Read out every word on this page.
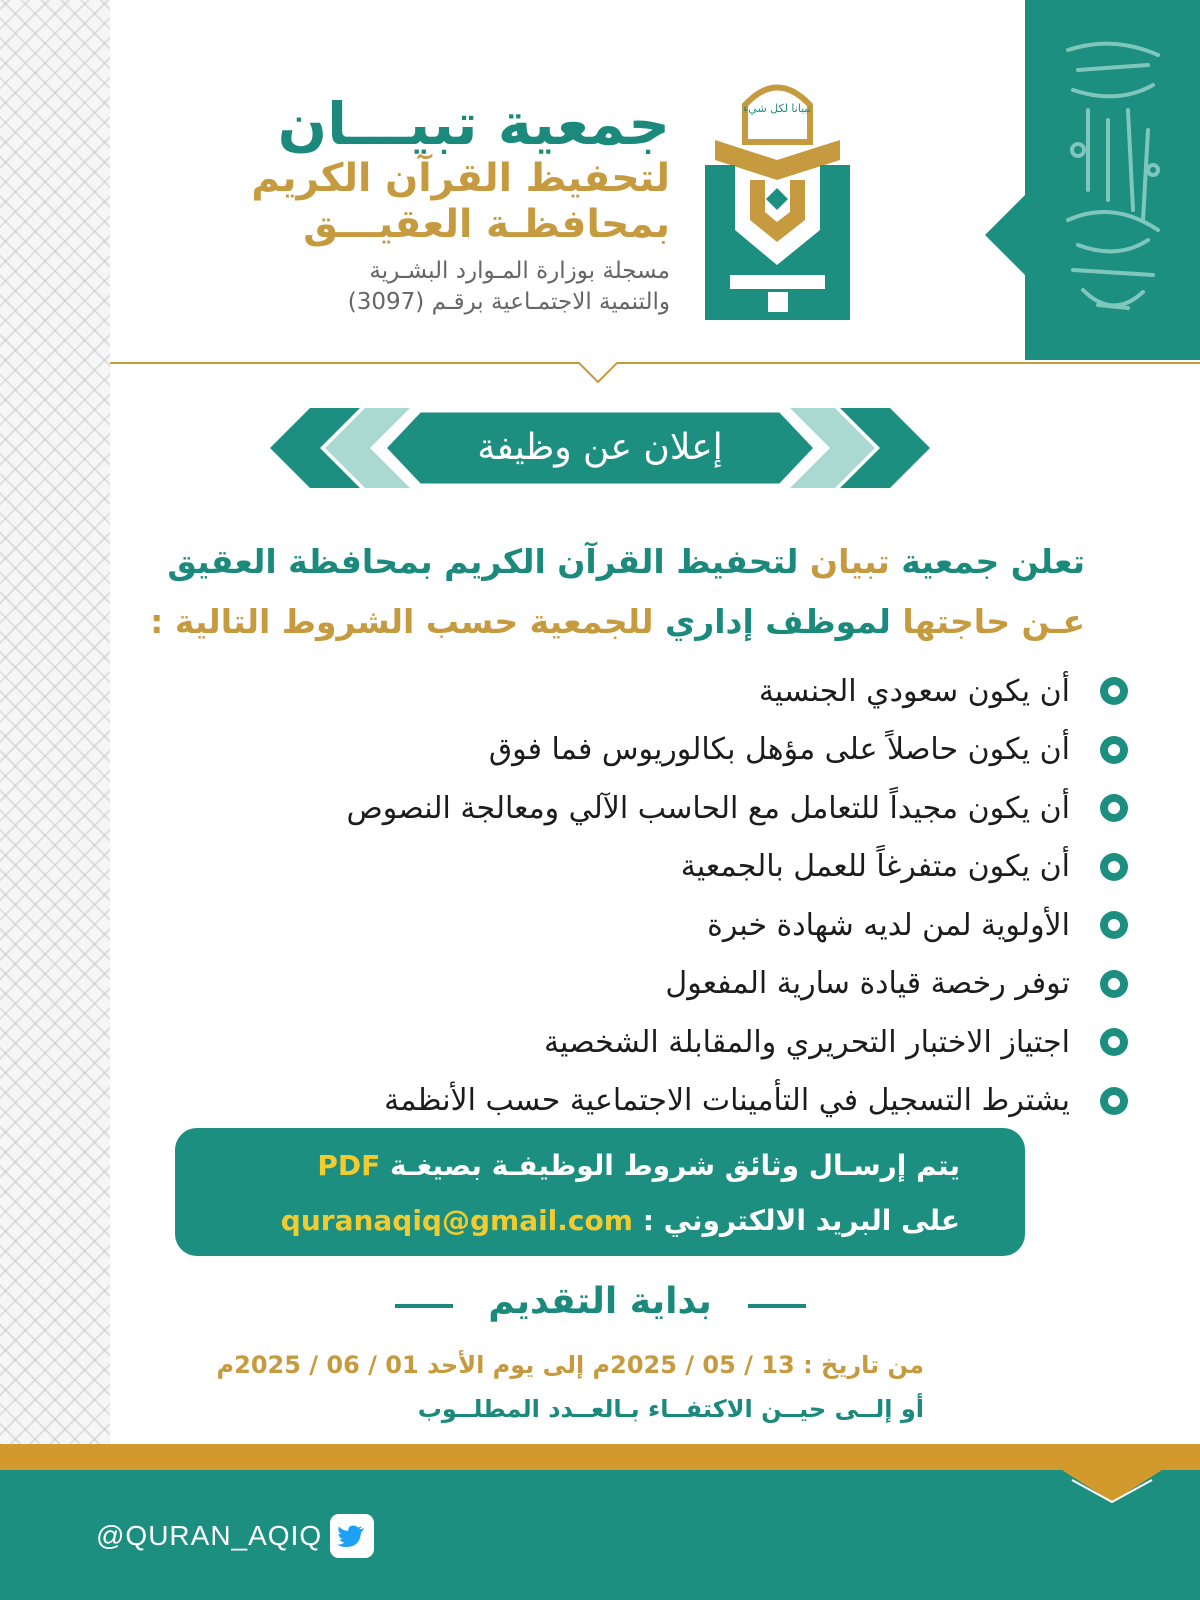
تبيانا لكل شيء
جمعية تبيـــان
لتحفيظ القرآن الكريم
بمحافظـة العقيـــق
مسجلة بوزارة المـوارد البشـرية
والتنمية الاجتمـاعية برقـم (3097)
إعلان عن وظيفة
تعلن جمعية تبيان لتحفيظ القرآن الكريم بمحافظة العقيق
عـن حاجتها لموظف إداري للجمعية حسب الشروط التالية :
أن يكون سعودي الجنسية
أن يكون حاصلاً على مؤهل بكالوريوس فما فوق
أن يكون مجيداً للتعامل مع الحاسب الآلي ومعالجة النصوص
أن يكون متفرغاً للعمل بالجمعية
الأولوية لمن لديه شهادة خبرة
توفر رخصة قيادة سارية المفعول
اجتياز الاختبار التحريري والمقابلة الشخصية
يشترط التسجيل في التأمينات الاجتماعية حسب الأنظمة
يتم إرسـال وثائق شروط الوظيفـة بصيغـة PDF
على البريد الالكتروني : quranaqiq@gmail.com
بداية التقديم
من تاريخ : 13 / 05 / 2025م إلى يوم الأحد 01 / 06 / 2025م
أو إلــى حيــن الاكتفــاء بـالعــدد المطلــوب
@QURAN_AQIQ
